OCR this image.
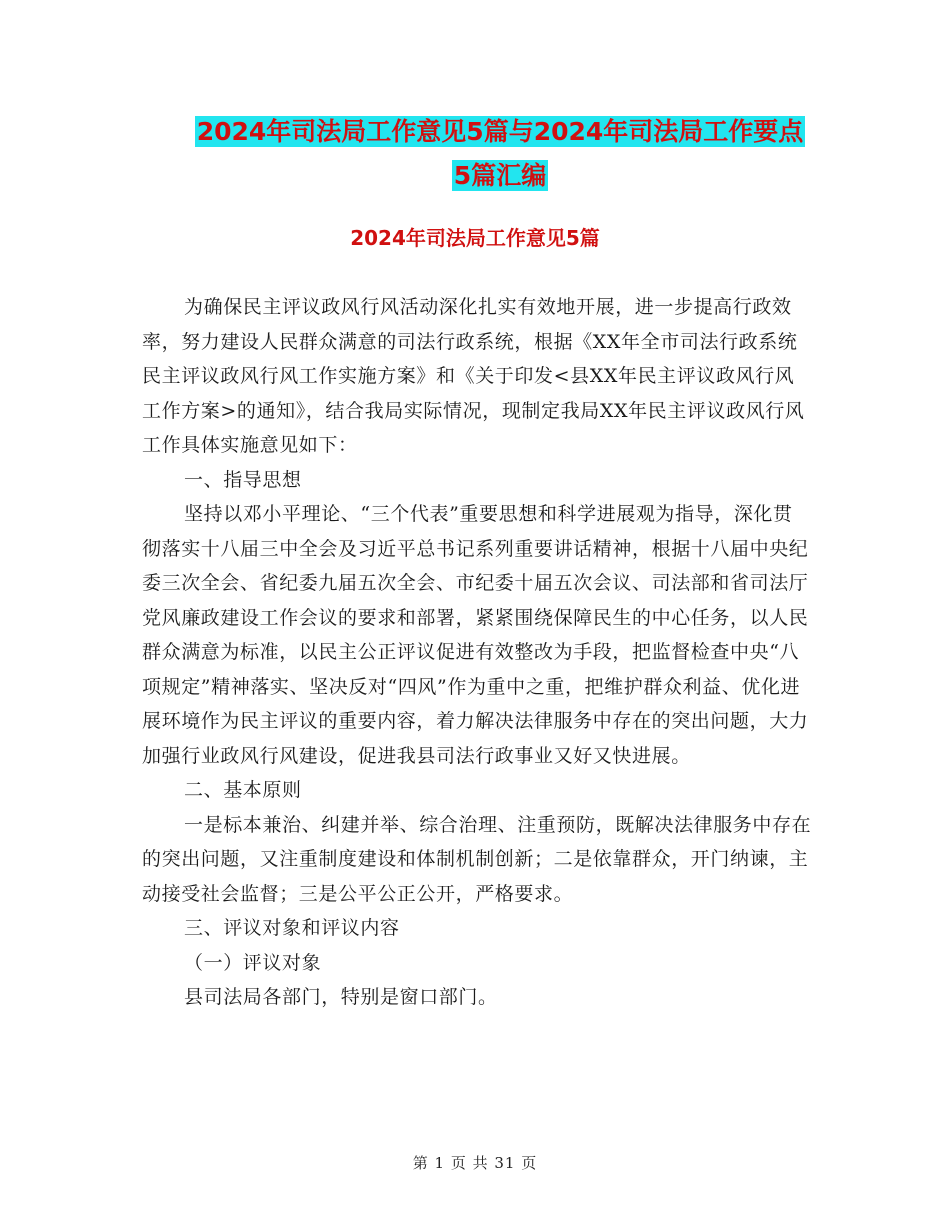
2024年司法局工作意见5篇与2024年司法局工作要点
5篇汇编
2024年司法局工作意见5篇

为确保民主评议政风行风活动深化扎实有效地开展，进一步提高行政效率，努力建设人民群众满意的司法行政系统，根据《XX年全市司法行政系统民主评议政风行风工作实施方案》和《关于印发<县XX年民主评议政风行风工作方案>的通知》，结合我局实际情况，现制定我局XX年民主评议政风行风工作具体实施意见如下：

一、指导思想

坚持以邓小平理论、“三个代表”重要思想和科学进展观为指导，深化贯彻落实十八届三中全会及习近平总书记系列重要讲话精神，根据十八届中央纪委三次全会、省纪委九届五次全会、市纪委十届五次会议、司法部和省司法厅党风廉政建设工作会议的要求和部署，紧紧围绕保障民生的中心任务，以人民群众满意为标准，以民主公正评议促进有效整改为手段，把监督检查中央“八项规定”精神落实、坚决反对“四风”作为重中之重，把维护群众利益、优化进展环境作为民主评议的重要内容，着力解决法律服务中存在的突出问题，大力加强行业政风行风建设，促进我县司法行政事业又好又快进展。

二、基本原则

一是标本兼治、纠建并举、综合治理、注重预防，既解决法律服务中存在的突出问题，又注重制度建设和体制机制创新；二是依靠群众，开门纳谏，主动接受社会监督；三是公平公正公开，严格要求。

三、评议对象和评议内容

（一）评议对象

县司法局各部门，特别是窗口部门。

第 1 页 共 31 页
